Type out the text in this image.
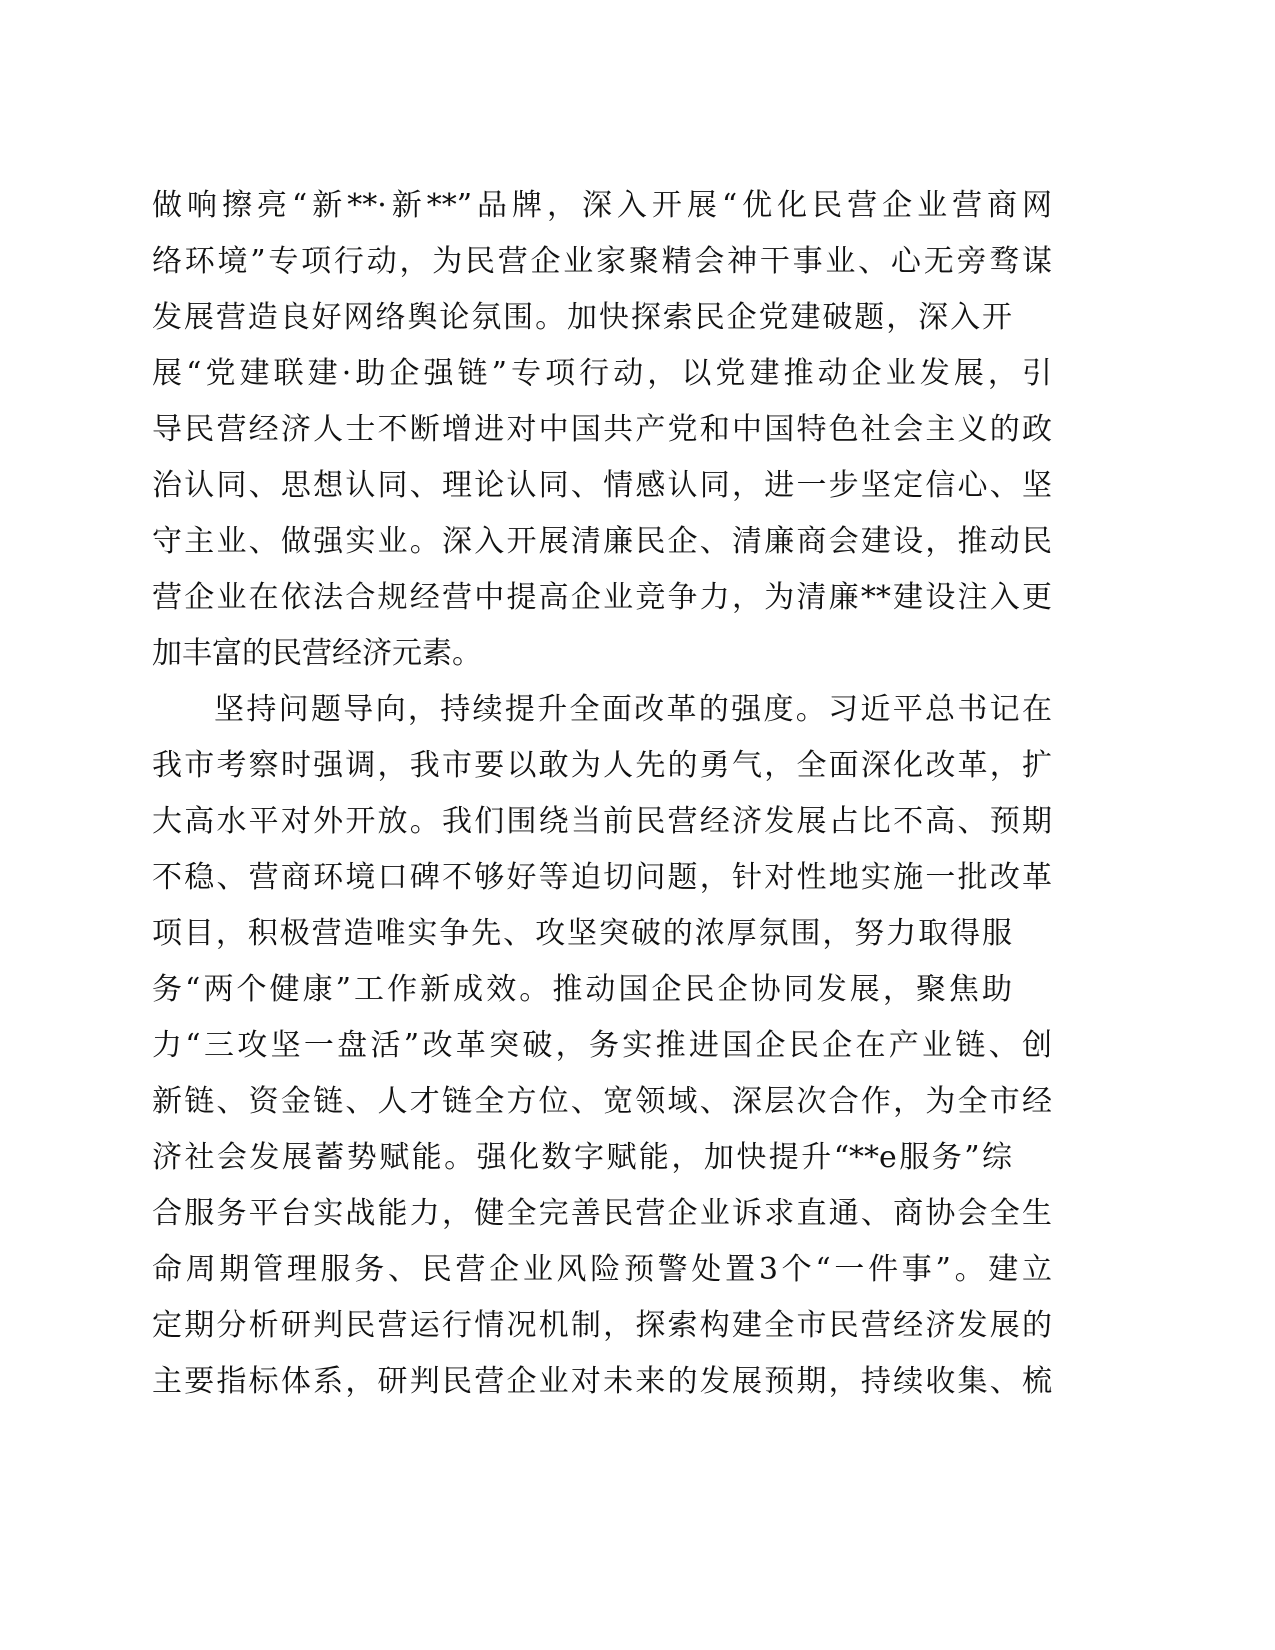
做响擦亮“新**·新**”品牌，深入开展“优化民营企业营商网
络环境”专项行动，为民营企业家聚精会神干事业、心无旁骛谋
发展营造良好网络舆论氛围。加快探索民企党建破题，深入开
展“党建联建·助企强链”专项行动，以党建推动企业发展，引
导民营经济人士不断增进对中国共产党和中国特色社会主义的政
治认同、思想认同、理论认同、情感认同，进一步坚定信心、坚
守主业、做强实业。深入开展清廉民企、清廉商会建设，推动民
营企业在依法合规经营中提高企业竞争力，为清廉**建设注入更
加丰富的民营经济元素。
坚持问题导向，持续提升全面改革的强度。习近平总书记在
我市考察时强调，我市要以敢为人先的勇气，全面深化改革，扩
大高水平对外开放。我们围绕当前民营经济发展占比不高、预期
不稳、营商环境口碑不够好等迫切问题，针对性地实施一批改革
项目，积极营造唯实争先、攻坚突破的浓厚氛围，努力取得服
务“两个健康”工作新成效。推动国企民企协同发展，聚焦助
力“三攻坚一盘活”改革突破，务实推进国企民企在产业链、创
新链、资金链、人才链全方位、宽领域、深层次合作，为全市经
济社会发展蓄势赋能。强化数字赋能，加快提升“**e服务”综
合服务平台实战能力，健全完善民营企业诉求直通、商协会全生
命周期管理服务、民营企业风险预警处置3个“一件事”。建立
定期分析研判民营运行情况机制，探索构建全市民营经济发展的
主要指标体系，研判民营企业对未来的发展预期，持续收集、梳
